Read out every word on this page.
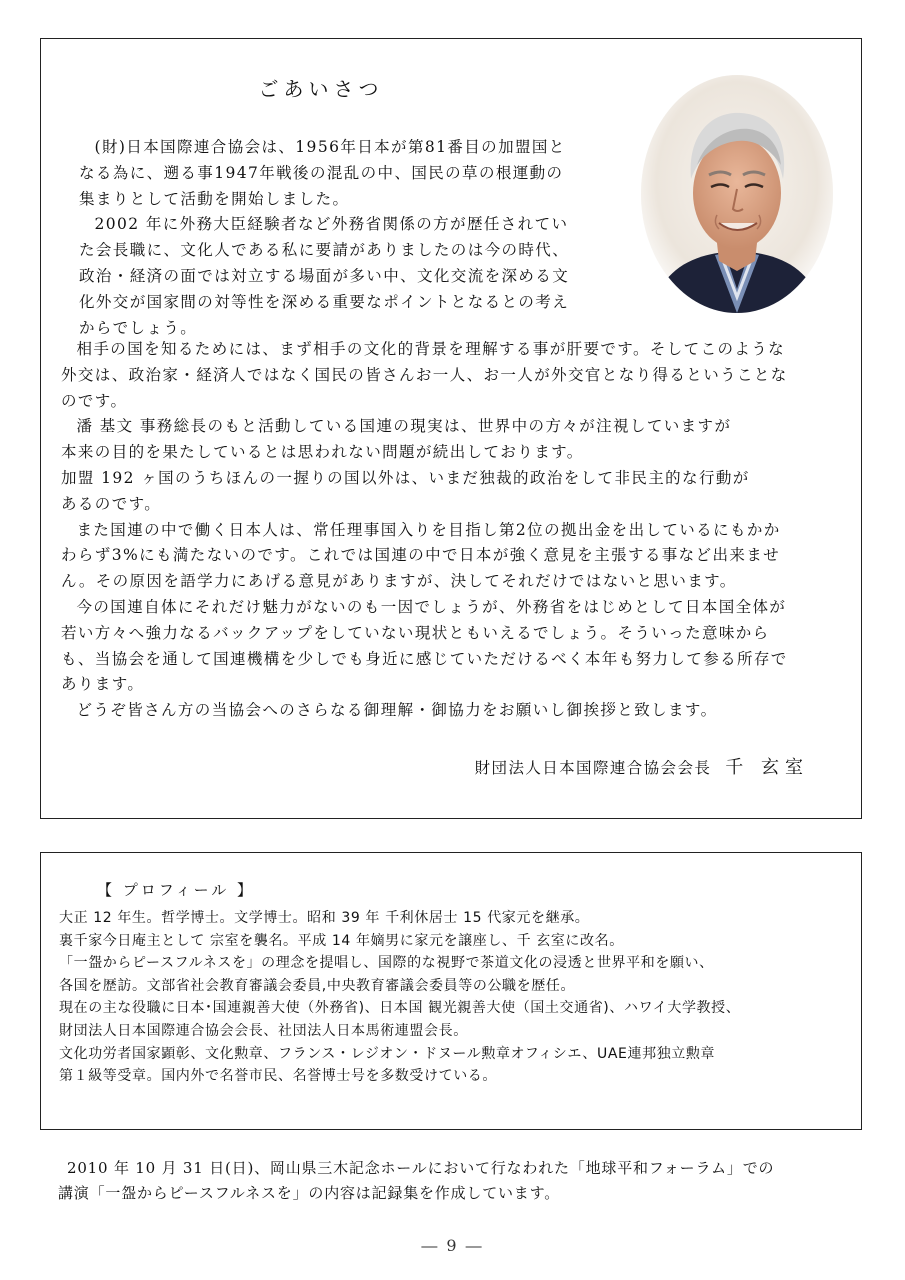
ごあいさつ

(財)日本国際連合協会は、1956年日本が第81番目の加盟国と
なる為に、遡る事1947年戦後の混乱の中、国民の草の根運動の
集まりとして活動を開始しました。
2002 年に外務大臣経験者など外務省関係の方が歴任されてい
た会長職に、文化人である私に要請がありましたのは今の時代、
政治・経済の面では対立する場面が多い中、文化交流を深める文
化外交が国家間の対等性を深める重要なポイントとなるとの考え
からでしょう。

相手の国を知るためには、まず相手の文化的背景を理解する事が肝要です。そしてこのような
外交は、政治家・経済人ではなく国民の皆さんお一人、お一人が外交官となり得るということな
のです。
潘 基文 事務総長のもと活動している国連の現実は、世界中の方々が注視していますが
本来の目的を果たしているとは思われない問題が続出しております。
加盟 192 ヶ国のうちほんの一握りの国以外は、いまだ独裁的政治をして非民主的な行動が
あるのです。
また国連の中で働く日本人は、常任理事国入りを目指し第2位の拠出金を出しているにもかか
わらず3%にも満たないのです。これでは国連の中で日本が強く意見を主張する事など出来ませ
ん。その原因を語学力にあげる意見がありますが、決してそれだけではないと思います。
今の国連自体にそれだけ魅力がないのも一因でしょうが、外務省をはじめとして日本国全体が
若い方々へ強力なるバックアップをしていない現状ともいえるでしょう。そういった意味から
も、当協会を通して国連機構を少しでも身近に感じていただけるべく本年も努力して参る所存で
あります。
どうぞ皆さん方の当協会へのさらなる御理解・御協力をお願いし御挨拶と致します。

財団法人日本国際連合協会会長 千 玄室
【 プロフィール 】

大正 12 年生。哲学博士。文学博士。昭和 39 年 千利休居士 15 代家元を継承。
裏千家今日庵主として 宗室を襲名。平成 14 年嫡男に家元を譲座し、千 玄室に改名。
「一盌からピースフルネスを」の理念を提唱し、国際的な視野で茶道文化の浸透と世界平和を願い、
各国を歴訪。文部省社会教育審議会委員,中央教育審議会委員等の公職を歴任。
現在の主な役職に日本･国連親善大使（外務省)、日本国 観光親善大使（国土交通省)、ハワイ大学教授、
財団法人日本国際連合協会会長、社団法人日本馬術連盟会長。
文化功労者国家顕彰、文化勲章、フランス・レジオン・ドヌール勲章オフィシエ、UAE連邦独立勲章
第１級等受章。国内外で名誉市民、名誉博士号を多数受けている。

2010 年 10 月 31 日(日)、岡山県三木記念ホールにおいて行なわれた「地球平和フォーラム」での
講演「一盌からピースフルネスを」の内容は記録集を作成しています。

― 9 ―
